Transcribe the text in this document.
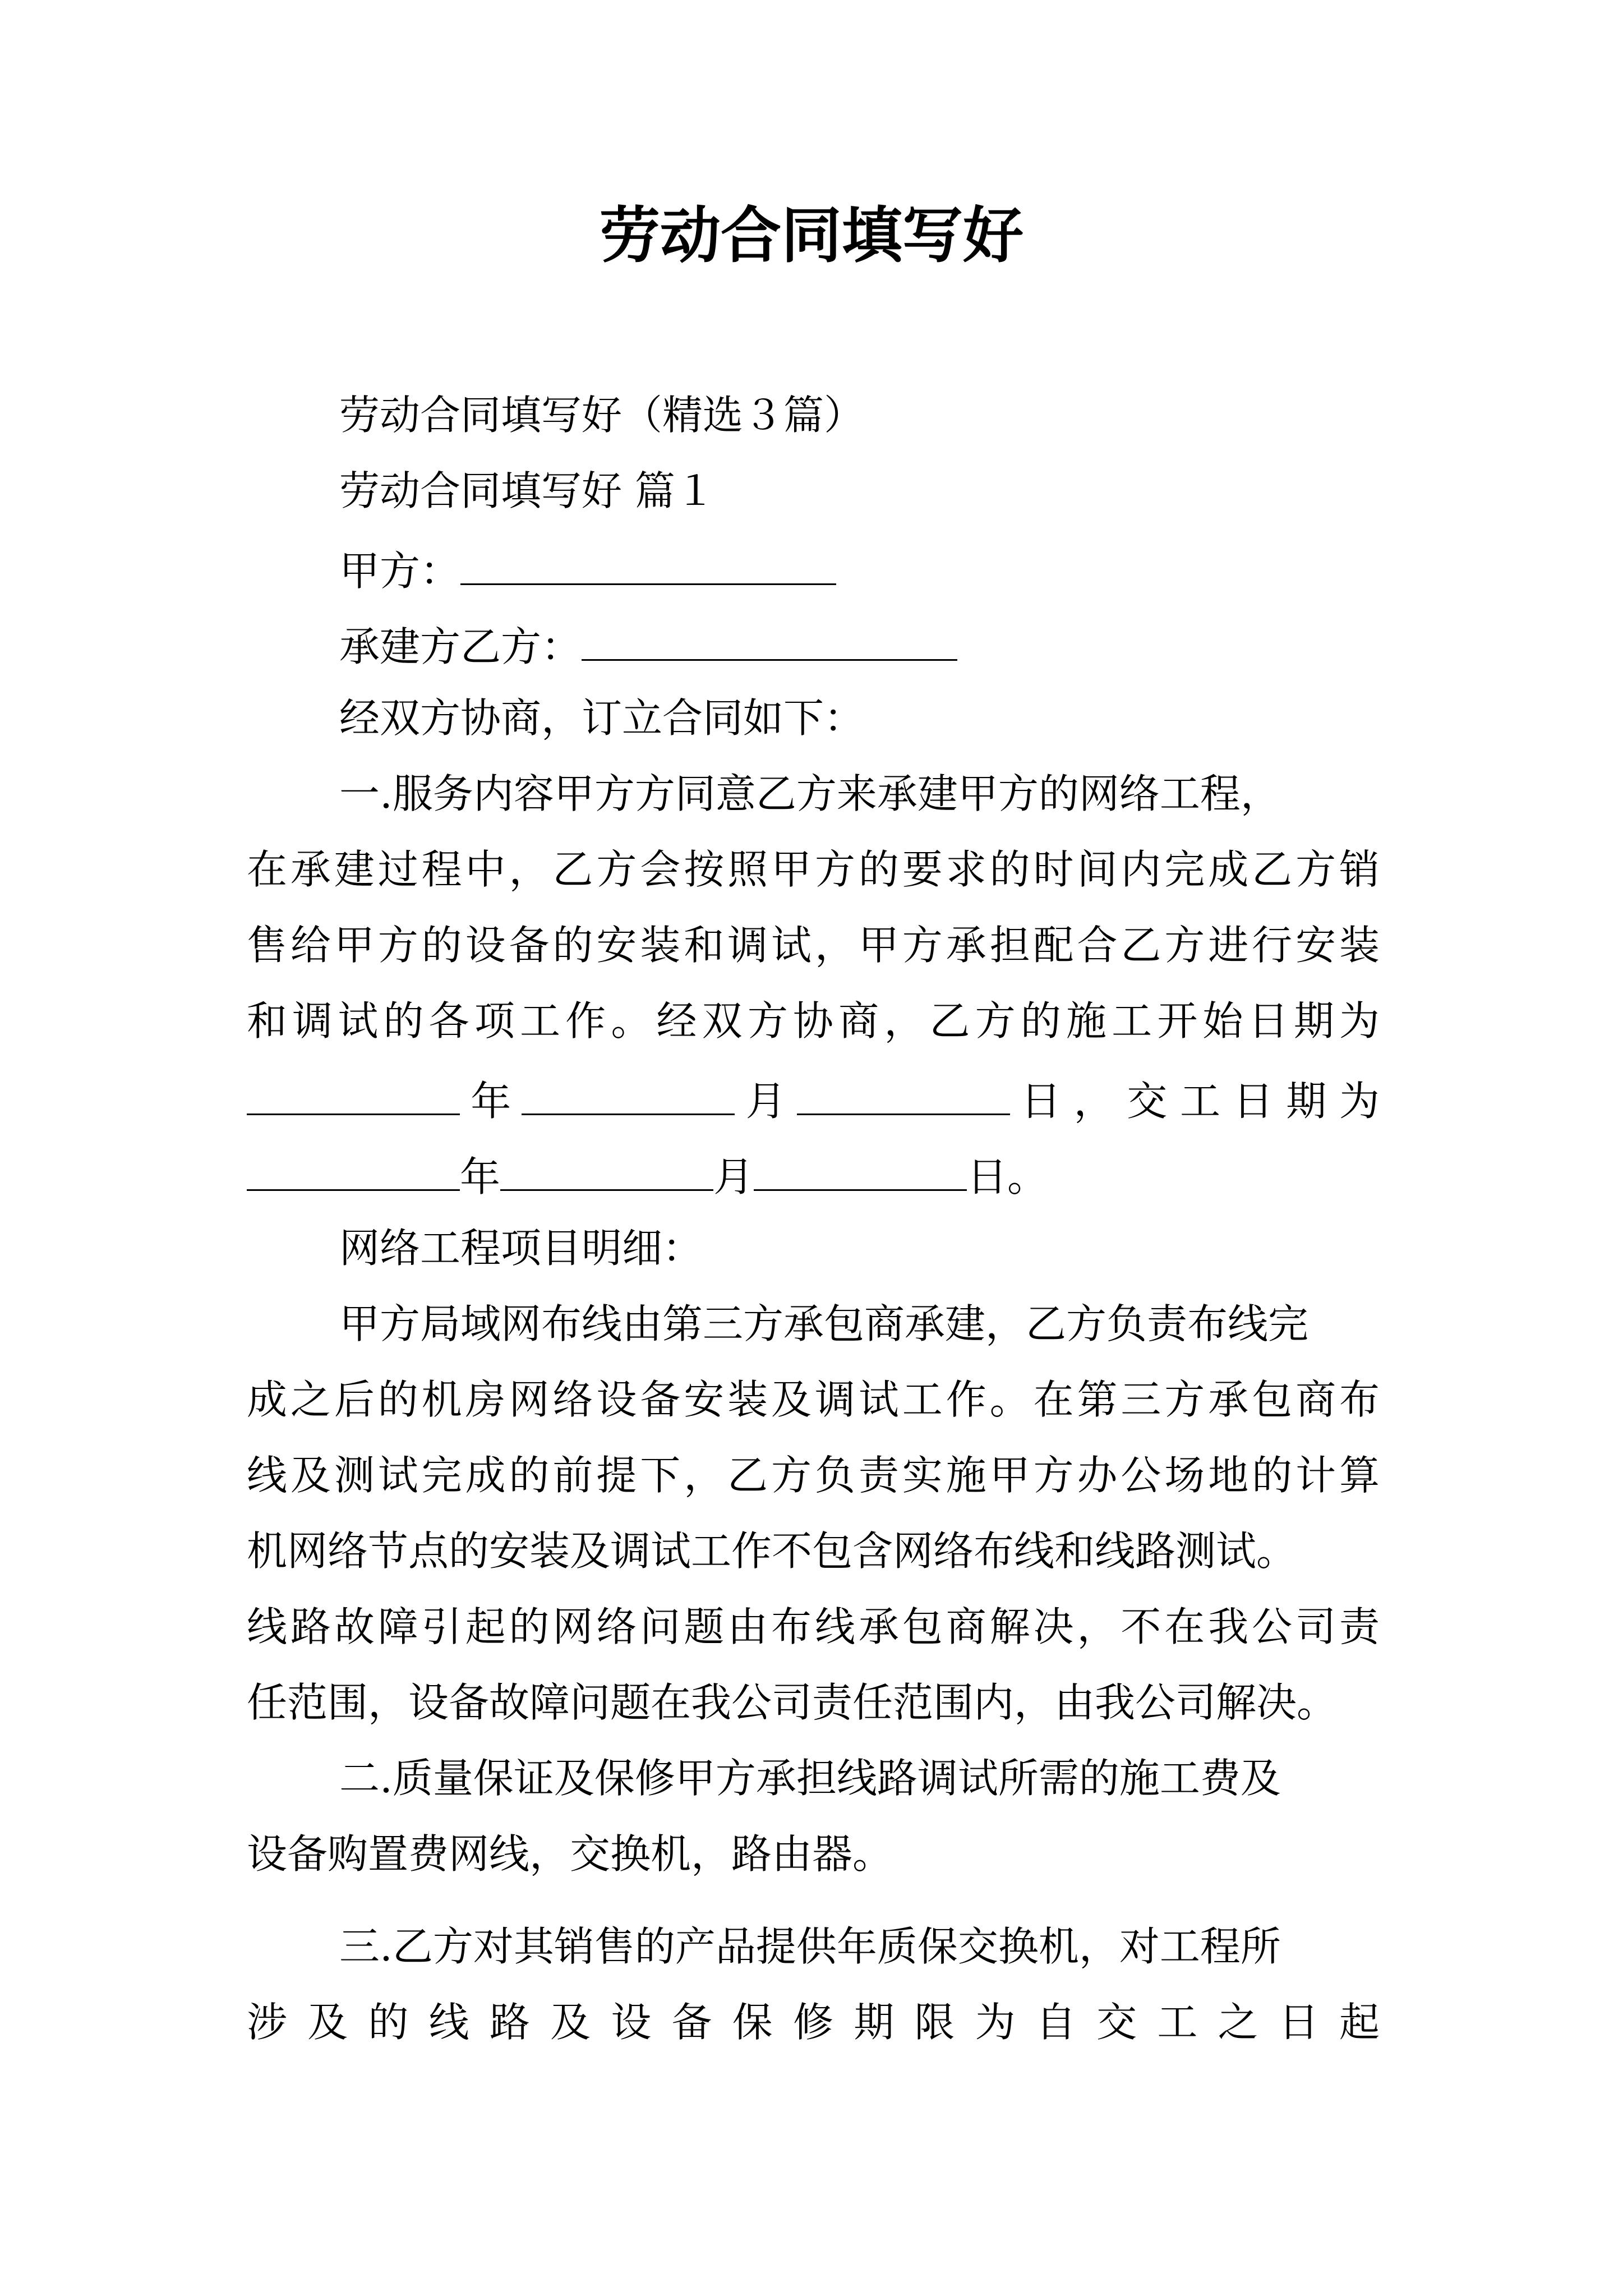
劳动合同填写好
劳动合同填写好（精选３篇）
劳动合同填写好 篇１
甲方：
承建方乙方：
经双方协商，订立合同如下：
一.服务内容甲方方同意乙方来承建甲方的网络工程，
在承建过程中，乙方会按照甲方的要求的时间内完成乙方销
售给甲方的设备的安装和调试，甲方承担配合乙方进行安装
和调试的各项工作。经双方协商，乙方的施工开始日期为
年	月	日，交工日期为
年	月	日。
网络工程项目明细：
甲方局域网布线由第三方承包商承建，乙方负责布线完
成之后的机房网络设备安装及调试工作。在第三方承包商布
线及测试完成的前提下，乙方负责实施甲方办公场地的计算
机网络节点的安装及调试工作不包含网络布线和线路测试。
线路故障引起的网络问题由布线承包商解决，不在我公司责
任范围，设备故障问题在我公司责任范围内，由我公司解决。
二.质量保证及保修甲方承担线路调试所需的施工费及
设备购置费网线，交换机，路由器。
三.乙方对其销售的产品提供年质保交换机，对工程所
涉及的线路及设备保修期限为自交工之日起
